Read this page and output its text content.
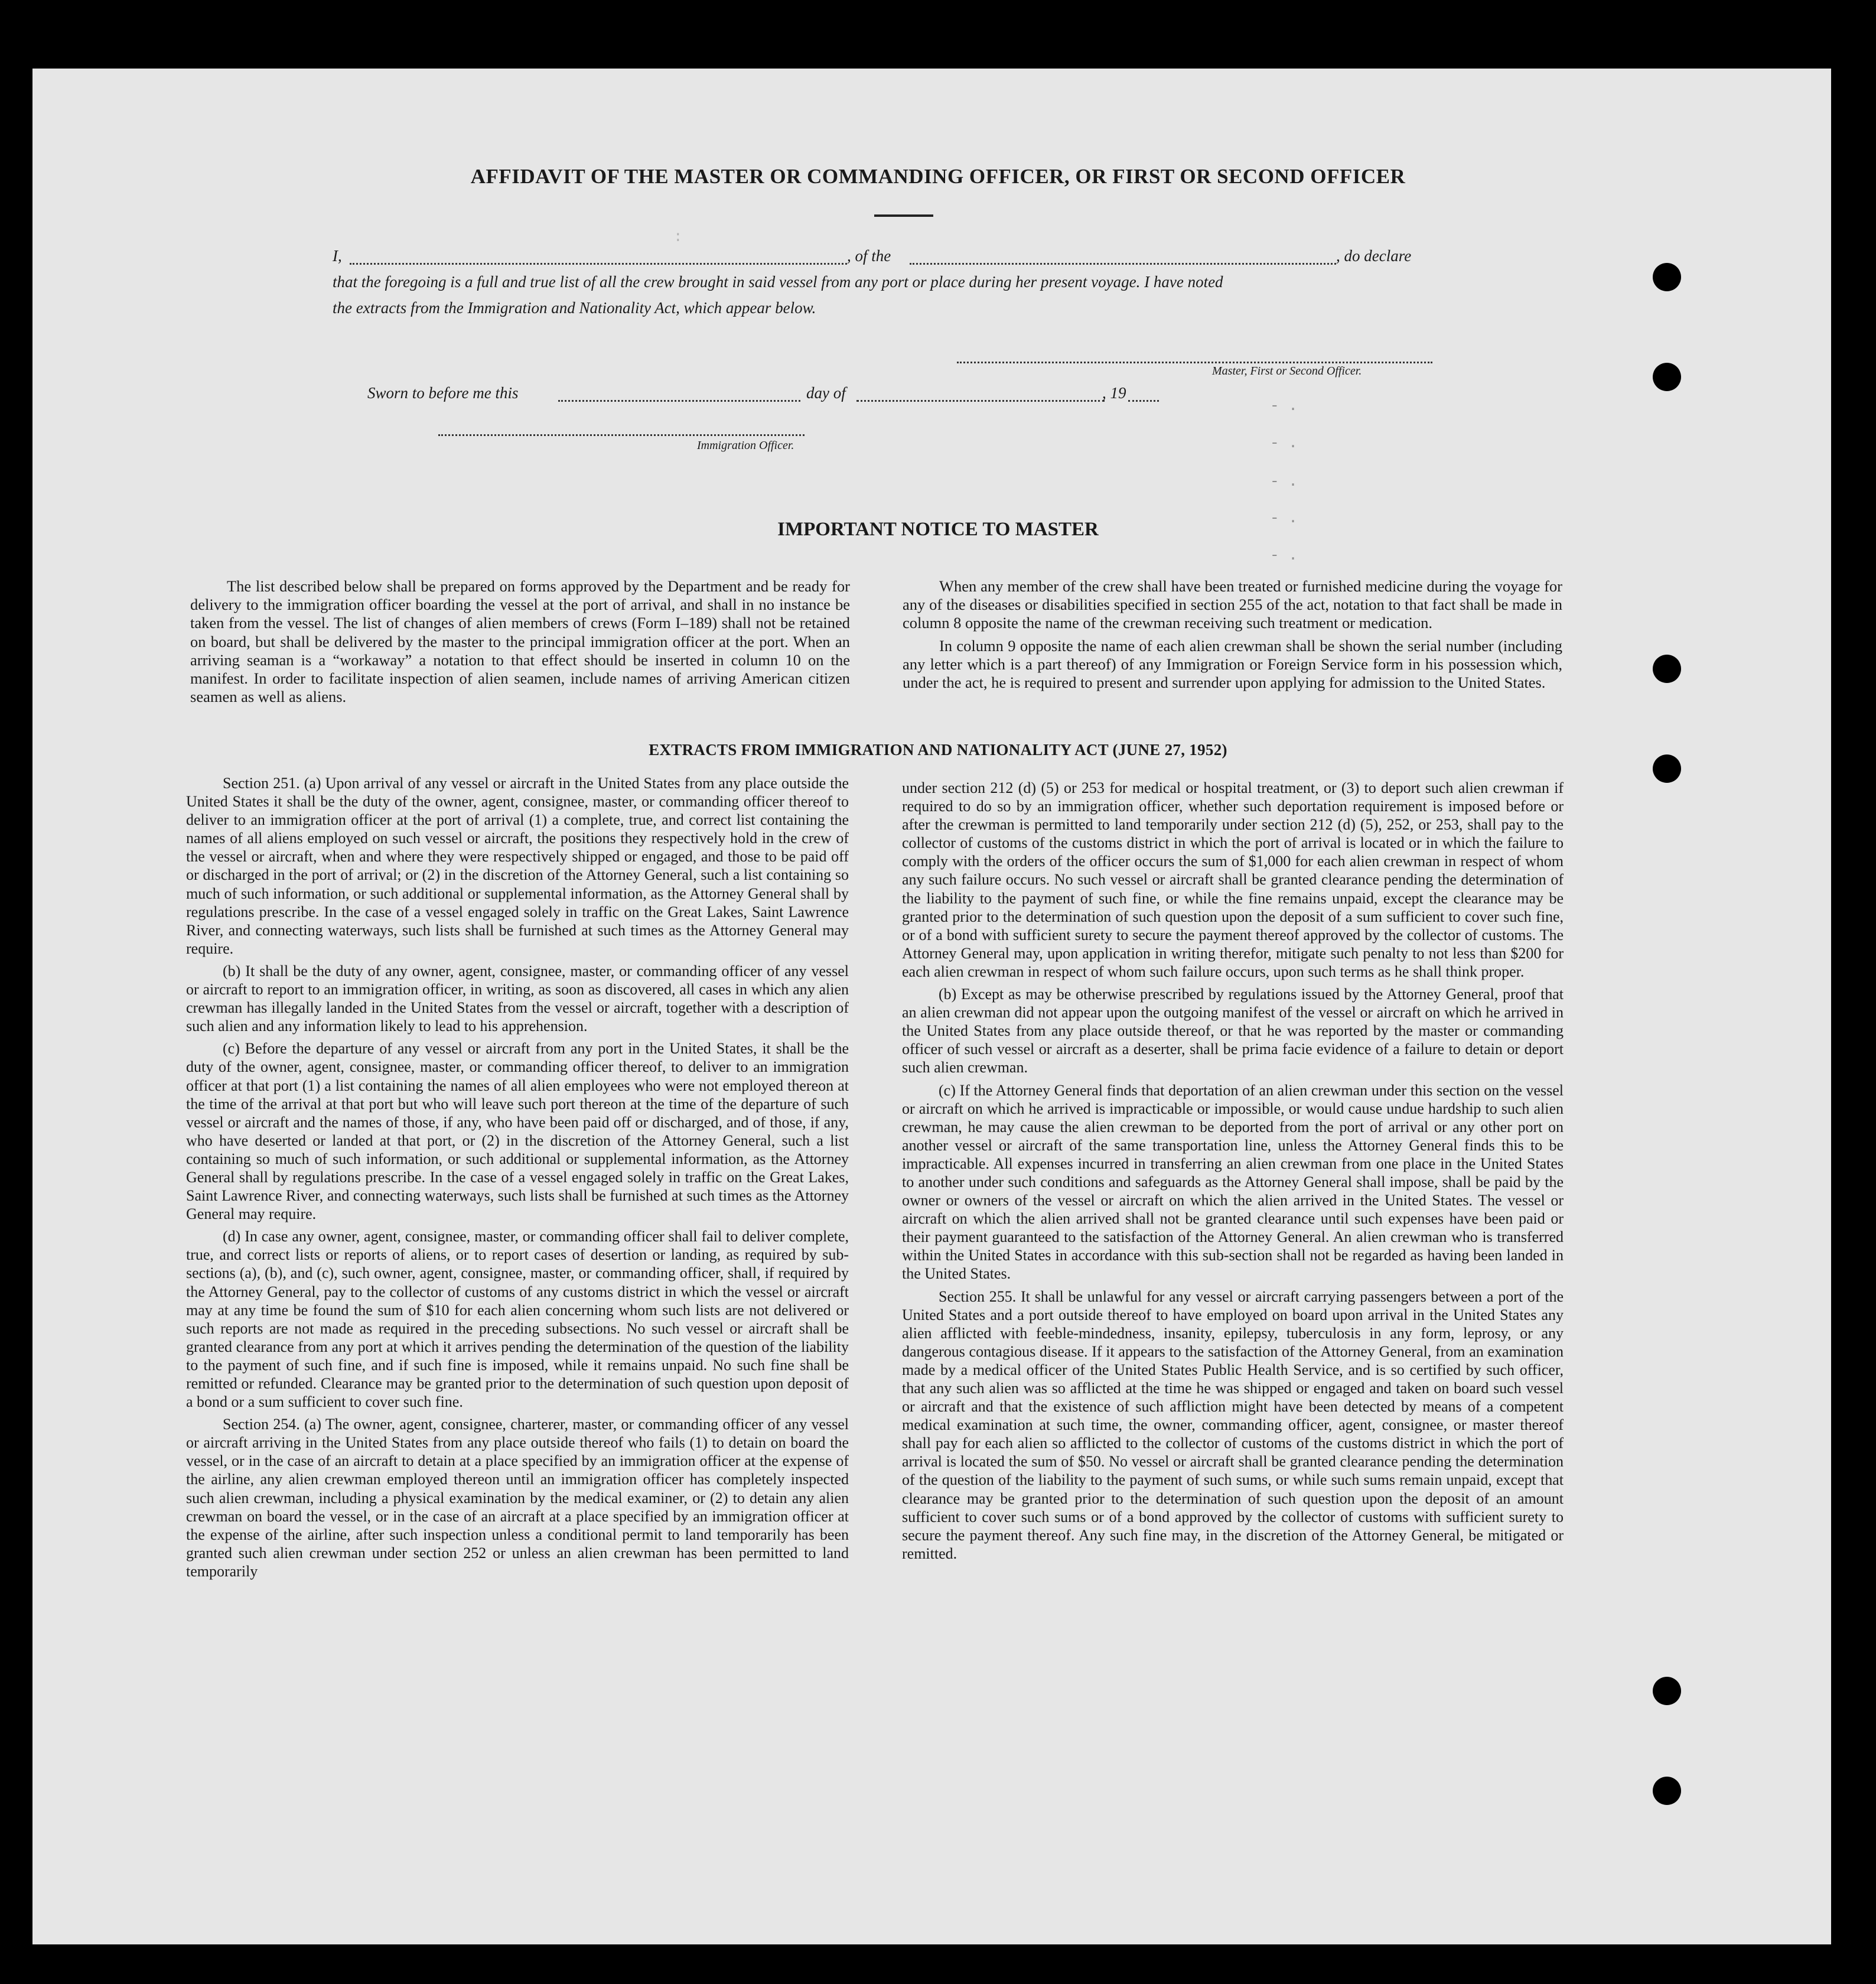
AFFIDAVIT OF THE MASTER OR COMMANDING OFFICER, OR FIRST OR SECOND OFFICER
I,	, of the	, do declare
that the foregoing is a full and true list of all the crew brought in said vessel from any port or place during her present voyage. I have noted
the extracts from the Immigration and Nationality Act, which appear below.
Master, First or Second Officer.
Sworn to before me this	day of	, 19
Immigration Officer.
:
- .
- .
- .
- .
- .
IMPORTANT NOTICE TO MASTER

The list described below shall be prepared on forms approved by the Department and be ready for delivery to the immigration officer boarding the vessel at the port of arrival, and shall in no instance be taken from the vessel. The list of changes of alien members of crews (Form I–189) shall not be retained on board, but shall be delivered by the master to the principal immigration officer at the port. When an arriving seaman is a “workaway” a notation to that effect should be inserted in column 10 on the manifest. In order to facilitate inspection of alien seamen, include names of arriving American citizen seamen as well as aliens.

When any member of the crew shall have been treated or furnished medicine during the voyage for any of the diseases or disabilities specified in section 255 of the act, notation to that fact shall be made in column 8 opposite the name of the crewman receiving such treatment or medication.

In column 9 opposite the name of each alien crewman shall be shown the serial number (including any letter which is a part thereof) of any Immigration or Foreign Service form in his possession which, under the act, he is required to present and surrender upon applying for admission to the United States.

EXTRACTS FROM IMMIGRATION AND NATIONALITY ACT (JUNE 27, 1952)

Section 251. (a) Upon arrival of any vessel or aircraft in the United States from any place outside the United States it shall be the duty of the owner, agent, consignee, master, or commanding officer thereof to deliver to an immigration officer at the port of arrival (1) a complete, true, and correct list containing the names of all aliens employed on such vessel or aircraft, the positions they respectively hold in the crew of the vessel or aircraft, when and where they were respectively shipped or engaged, and those to be paid off or discharged in the port of arrival; or (2) in the discretion of the Attorney General, such a list containing so much of such information, or such additional or supplemental information, as the Attorney General shall by regulations prescribe. In the case of a vessel engaged solely in traffic on the Great Lakes, Saint Lawrence River, and connecting waterways, such lists shall be furnished at such times as the Attorney General may require.

(b) It shall be the duty of any owner, agent, consignee, master, or commanding officer of any vessel or aircraft to report to an immigration officer, in writing, as soon as discovered, all cases in which any alien crewman has illegally landed in the United States from the vessel or aircraft, together with a description of such alien and any information likely to lead to his apprehension.

(c) Before the departure of any vessel or aircraft from any port in the United States, it shall be the duty of the owner, agent, consignee, master, or commanding officer thereof, to deliver to an immigration officer at that port (1) a list containing the names of all alien employees who were not employed thereon at the time of the arrival at that port but who will leave such port thereon at the time of the departure of such vessel or aircraft and the names of those, if any, who have been paid off or discharged, and of those, if any, who have deserted or landed at that port, or (2) in the discretion of the Attorney General, such a list containing so much of such information, or such additional or supplemental information, as the Attorney General shall by regulations prescribe. In the case of a vessel engaged solely in traffic on the Great Lakes, Saint Lawrence River, and connecting waterways, such lists shall be furnished at such times as the Attorney General may require.

(d) In case any owner, agent, consignee, master, or commanding officer shall fail to deliver complete, true, and correct lists or reports of aliens, or to report cases of desertion or landing, as required by sub-sections (a), (b), and (c), such owner, agent, consignee, master, or commanding officer, shall, if required by the Attorney General, pay to the collector of customs of any customs district in which the vessel or aircraft may at any time be found the sum of $10 for each alien concerning whom such lists are not delivered or such reports are not made as required in the preceding subsections. No such vessel or aircraft shall be granted clearance from any port at which it arrives pending the determination of the question of the liability to the payment of such fine, and if such fine is imposed, while it remains unpaid. No such fine shall be remitted or refunded. Clearance may be granted prior to the determination of such question upon deposit of a bond or a sum sufficient to cover such fine.

Section 254. (a) The owner, agent, consignee, charterer, master, or commanding officer of any vessel or aircraft arriving in the United States from any place outside thereof who fails (1) to detain on board the vessel, or in the case of an aircraft to detain at a place specified by an immigration officer at the expense of the airline, any alien crewman employed thereon until an immigration officer has completely inspected such alien crewman, including a physical examination by the medical examiner, or (2) to detain any alien crewman on board the vessel, or in the case of an aircraft at a place specified by an immigration officer at the expense of the airline, after such inspection unless a conditional permit to land temporarily has been granted such alien crewman under section 252 or unless an alien crewman has been permitted to land temporarily

under section 212 (d) (5) or 253 for medical or hospital treatment, or (3) to deport such alien crewman if required to do so by an immigration officer, whether such deportation requirement is imposed before or after the crewman is permitted to land temporarily under section 212 (d) (5), 252, or 253, shall pay to the collector of customs of the customs district in which the port of arrival is located or in which the failure to comply with the orders of the officer occurs the sum of $1,000 for each alien crewman in respect of whom any such failure occurs. No such vessel or aircraft shall be granted clearance pending the determination of the liability to the payment of such fine, or while the fine remains unpaid, except the clearance may be granted prior to the determination of such question upon the deposit of a sum sufficient to cover such fine, or of a bond with sufficient surety to secure the payment thereof approved by the collector of customs. The Attorney General may, upon application in writing therefor, mitigate such penalty to not less than $200 for each alien crewman in respect of whom such failure occurs, upon such terms as he shall think proper.

(b) Except as may be otherwise prescribed by regulations issued by the Attorney General, proof that an alien crewman did not appear upon the outgoing manifest of the vessel or aircraft on which he arrived in the United States from any place outside thereof, or that he was reported by the master or commanding officer of such vessel or aircraft as a deserter, shall be prima facie evidence of a failure to detain or deport such alien crewman.

(c) If the Attorney General finds that deportation of an alien crewman under this section on the vessel or aircraft on which he arrived is impracticable or impossible, or would cause undue hardship to such alien crewman, he may cause the alien crewman to be deported from the port of arrival or any other port on another vessel or aircraft of the same transportation line, unless the Attorney General finds this to be impracticable. All expenses incurred in transferring an alien crewman from one place in the United States to another under such conditions and safeguards as the Attorney General shall impose, shall be paid by the owner or owners of the vessel or aircraft on which the alien arrived in the United States. The vessel or aircraft on which the alien arrived shall not be granted clearance until such expenses have been paid or their payment guaranteed to the satisfaction of the Attorney General. An alien crewman who is transferred within the United States in accordance with this sub-section shall not be regarded as having been landed in the United States.

Section 255. It shall be unlawful for any vessel or aircraft carrying passengers between a port of the United States and a port outside thereof to have employed on board upon arrival in the United States any alien afflicted with feeble-mindedness, insanity, epilepsy, tuberculosis in any form, leprosy, or any dangerous contagious disease. If it appears to the satisfaction of the Attorney General, from an examination made by a medical officer of the United States Public Health Service, and is so certified by such officer, that any such alien was so afflicted at the time he was shipped or engaged and taken on board such vessel or aircraft and that the existence of such affliction might have been detected by means of a competent medical examination at such time, the owner, commanding officer, agent, consignee, or master thereof shall pay for each alien so afflicted to the collector of customs of the customs district in which the port of arrival is located the sum of $50. No vessel or aircraft shall be granted clearance pending the determination of the question of the liability to the payment of such sums, or while such sums remain unpaid, except that clearance may be granted prior to the determination of such question upon the deposit of an amount sufficient to cover such sums or of a bond approved by the collector of customs with sufficient surety to secure the payment thereof. Any such fine may, in the discretion of the Attorney General, be mitigated or remitted.
